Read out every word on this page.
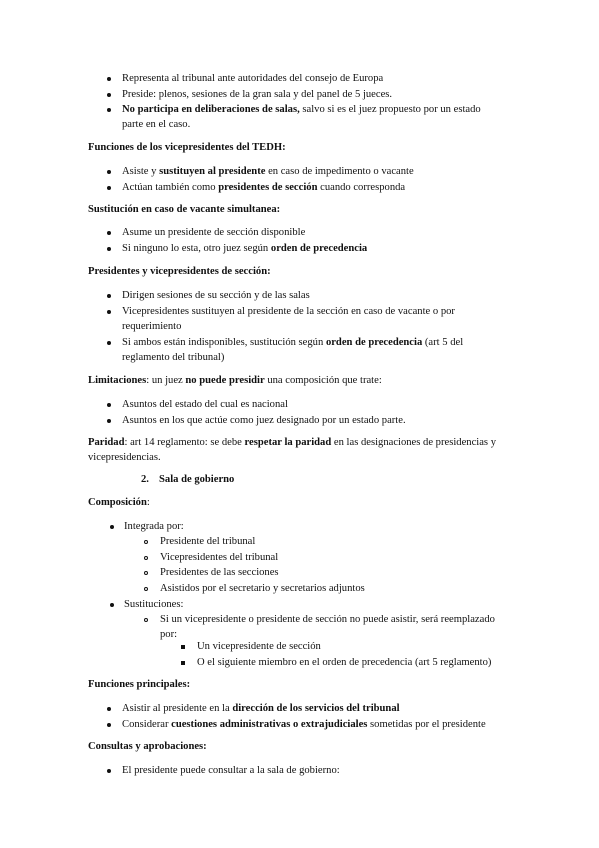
Representa al tribunal ante autoridades del consejo de Europa
Preside: plenos, sesiones de la gran sala y del panel de 5 jueces.
No participa en deliberaciones de salas, salvo si es el juez propuesto por un estado
parte en el caso.
Funciones de los vicepresidentes del TEDH:
Asiste y sustituyen al presidente en caso de impedimento o vacante
Actúan también como presidentes de sección cuando corresponda
Sustitución en caso de vacante simultanea:
Asume un presidente de sección disponible
Si ninguno lo esta, otro juez según orden de precedencia
Presidentes y vicepresidentes de sección:
Dirigen sesiones de su sección y de las salas
Vicepresidentes sustituyen al presidente de la sección en caso de vacante o por
requerimiento
Si ambos están indisponibles, sustitución según orden de precedencia (art 5 del
reglamento del tribunal)
Limitaciones: un juez no puede presidir una composición que trate:
Asuntos del estado del cual es nacional
Asuntos en los que actúe como juez designado por un estado parte.
Paridad: art 14 reglamento: se debe respetar la paridad en las designaciones de presidencias y
vicepresidencias.
2. Sala de gobierno
Composición:
Integrada por:
Presidente del tribunal
Vicepresidentes del tribunal
Presidentes de las secciones
Asistidos por el secretario y secretarios adjuntos
Sustituciones:
Si un vicepresidente o presidente de sección no puede asistir, será reemplazado
por:
Un vicepresidente de sección
O el siguiente miembro en el orden de precedencia (art 5 reglamento)
Funciones principales:
Asistir al presidente en la dirección de los servicios del tribunal
Considerar cuestiones administrativas o extrajudiciales sometidas por el presidente
Consultas y aprobaciones:
El presidente puede consultar a la sala de gobierno:
